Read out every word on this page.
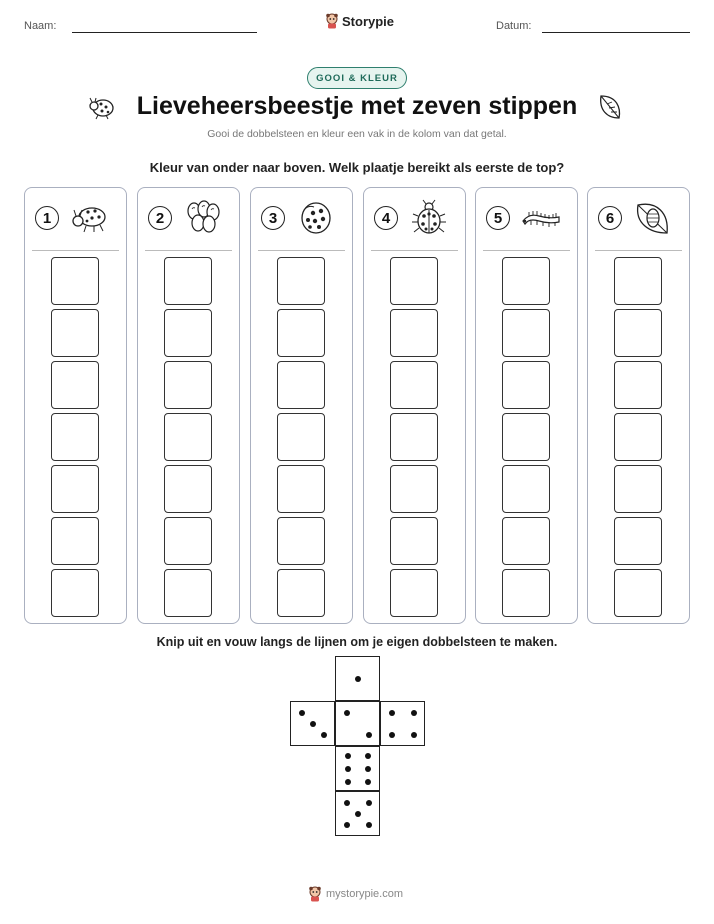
Naam:	Storypie	Datum:
GOOI & KLEUR
Lieveheersbeestje met zeven stippen
Gooi de dobbelsteen en kleur een vak in de kolom van dat getal.
Kleur van onder naar boven. Welk plaatje bereikt als eerste de top?
1	2	3	4	5	6
Knip uit en vouw langs de lijnen om je eigen dobbelsteen te maken.
mystorypie.com
